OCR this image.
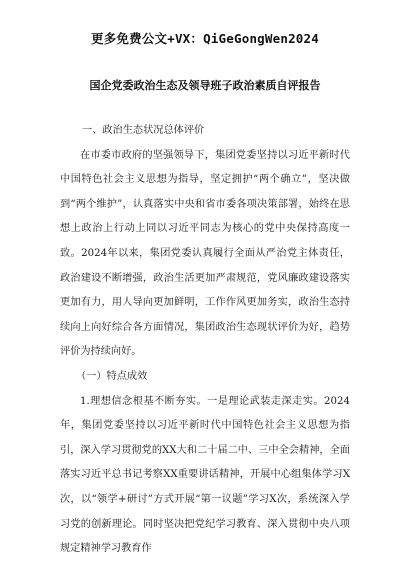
更多免费公文+VX：QiGeGongWen2024
国企党委政治生态及领导班子政治素质自评报告

一、政治生态状况总体评价

在市委市政府的坚强领导下，集团党委坚持以习近平新时代中国特色社会主义思想为指导，坚定拥护“两个确立”，坚决做到“两个维护”，认真落实中央和省市委各项决策部署，始终在思想上政治上行动上同以习近平同志为核心的党中央保持高度一致。2024年以来，集团党委认真履行全面从严治党主体责任，政治建设不断增强，政治生活更加严肃规范，党风廉政建设落实更加有力，用人导向更加鲜明，工作作风更加务实，政治生态持续向上向好综合各方面情况，集团政治生态现状评价为好，趋势评价为持续向好。

（一）特点成效

1.理想信念根基不断夯实。一是理论武装走深走实。2024年，集团党委坚持以习近平新时代中国特色社会主义思想为指引，深入学习贯彻党的XX大和二十届二中、三中全会精神，全面落实习近平总书记考察XX重要讲话精神，开展中心组集体学习X次，以“领学+研讨”方式开展“第一议题”学习X次，系统深入学习党的创新理论。同时坚决把党纪学习教育、深入贯彻中央八项规定精神学习教育作
